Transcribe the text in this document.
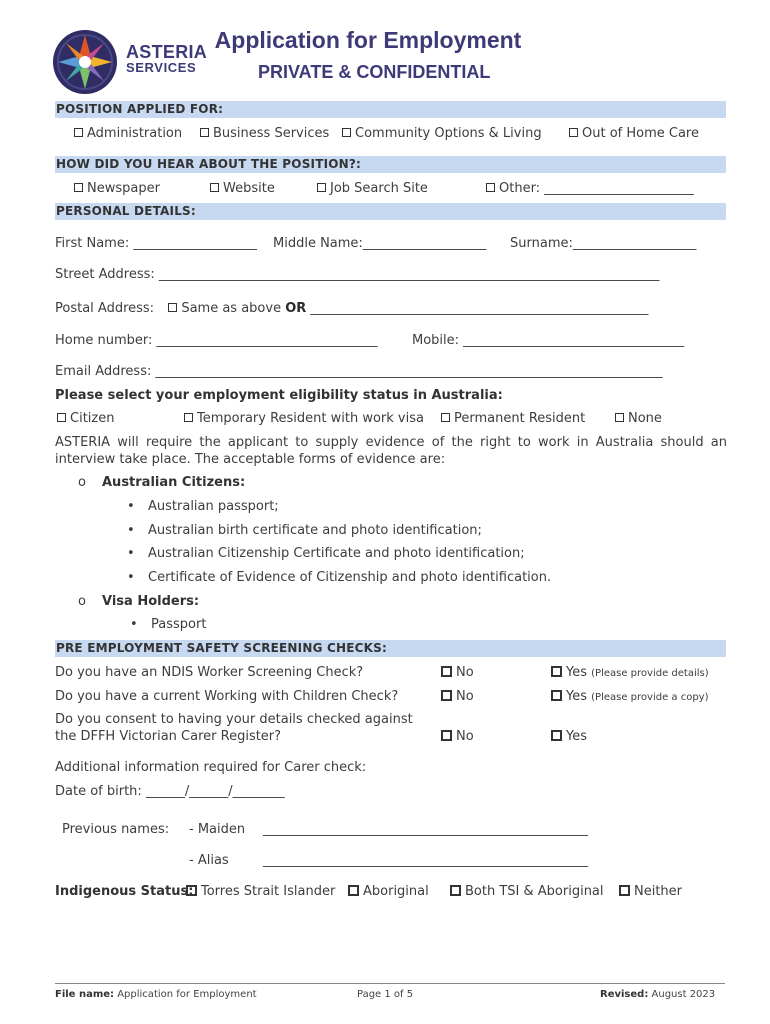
ASTERIA
SERVICES
Application for Employment
PRIVATE & CONFIDENTIAL
POSITION APPLIED FOR:
Administration	Business Services	Community Options & Living	Out of Home Care
HOW DID YOU HEAR ABOUT THE POSITION?:
Newspaper	Website	Job Search Site	Other: _______________________
PERSONAL DETAILS:
First Name: ___________________ Middle Name:___________________ Surname:___________________
Street Address: _____________________________________________________________________________
Postal Address: Same as above OR ____________________________________________________
Home number: __________________________________	Mobile: __________________________________
Email Address: ______________________________________________________________________________
Please select your employment eligibility status in Australia:
Citizen	Temporary Resident with work visa	Permanent Resident	None
ASTERIA will require the applicant to supply evidence of the right to work in Australia should an interview take place. The acceptable forms of evidence are:
o Australian Citizens:
• Australian passport;
• Australian birth certificate and photo identification;
• Australian Citizenship Certificate and photo identification;
• Certificate of Evidence of Citizenship and photo identification.
o Visa Holders:
• Passport
PRE EMPLOYMENT SAFETY SCREENING CHECKS:
Do you have an NDIS Worker Screening Check?	No	Yes (Please provide details)
Do you have a current Working with Children Check?	No	Yes (Please provide a copy)
Do you consent to having your details checked against
the DFFH Victorian Carer Register?	No	Yes
Additional information required for Carer check:
Date of birth: ______/______/________
Previous names: - Maiden __________________________________________________
- Alias	__________________________________________________
Indigenous Status: Torres Strait Islander	Aboriginal	Both TSI & Aboriginal	Neither
File name: Application for Employment	Page 1 of 5	Revised: August 2023
